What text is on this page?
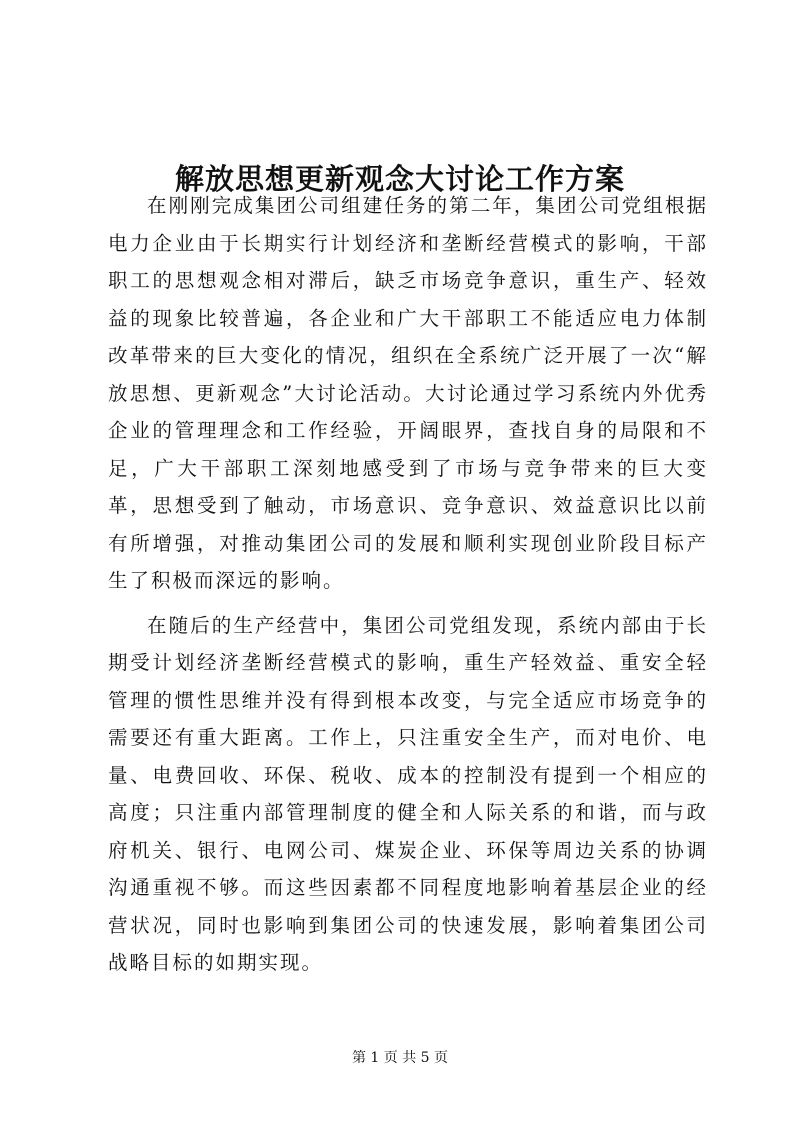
解放思想更新观念大讨论工作方案

在刚刚完成集团公司组建任务的第二年，集团公司党组根据电力企业由于长期实行计划经济和垄断经营模式的影响，干部职工的思想观念相对滞后，缺乏市场竞争意识，重生产、轻效益的现象比较普遍，各企业和广大干部职工不能适应电力体制改革带来的巨大变化的情况，组织在全系统广泛开展了一次“解放思想、更新观念”大讨论活动。大讨论通过学习系统内外优秀企业的管理理念和工作经验，开阔眼界，查找自身的局限和不足，广大干部职工深刻地感受到了市场与竞争带来的巨大变革，思想受到了触动，市场意识、竞争意识、效益意识比以前有所增强，对推动集团公司的发展和顺利实现创业阶段目标产生了积极而深远的影响。

在随后的生产经营中，集团公司党组发现，系统内部由于长期受计划经济垄断经营模式的影响，重生产轻效益、重安全轻管理的惯性思维并没有得到根本改变，与完全适应市场竞争的需要还有重大距离。工作上，只注重安全生产，而对电价、电量、电费回收、环保、税收、成本的控制没有提到一个相应的高度；只注重内部管理制度的健全和人际关系的和谐，而与政府机关、银行、电网公司、煤炭企业、环保等周边关系的协调沟通重视不够。而这些因素都不同程度地影响着基层企业的经营状况，同时也影响到集团公司的快速发展，影响着集团公司战略目标的如期实现。

第 1 页 共 5 页
